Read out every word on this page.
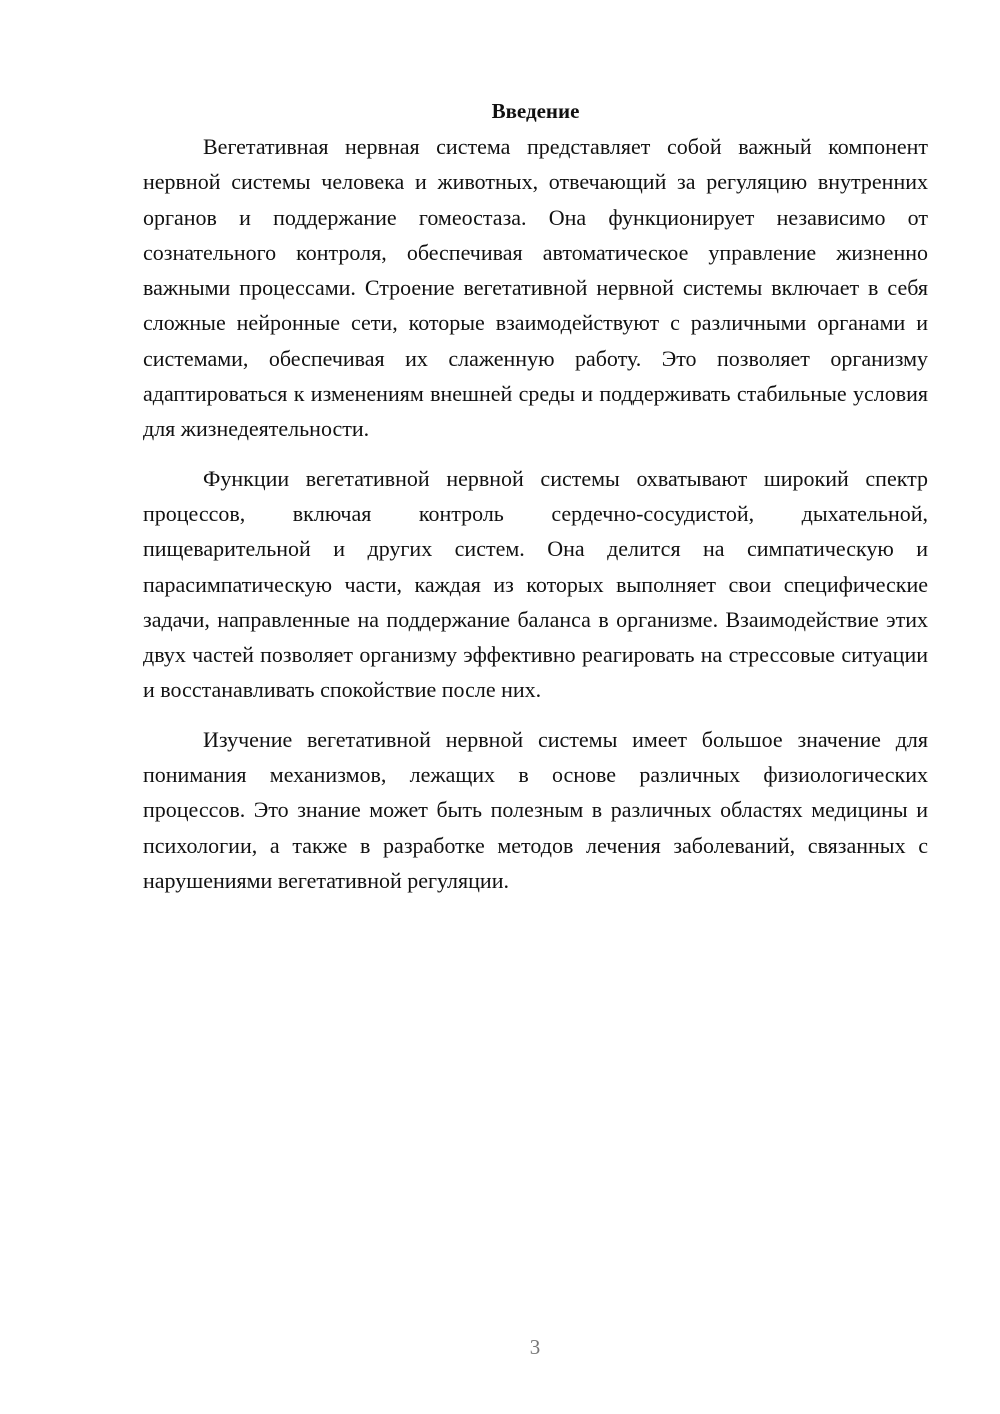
Введение

Вегетативная нервная система представляет собой важный компонент нервной системы человека и животных, отвечающий за регуляцию внутренних органов и поддержание гомеостаза. Она функционирует независимо от сознательного контроля, обеспечивая автоматическое управление жизненно важными процессами. Строение вегетативной нервной системы включает в себя сложные нейронные сети, которые взаимодействуют с различными органами и системами, обеспечивая их слаженную работу. Это позволяет организму адаптироваться к изменениям внешней среды и поддерживать стабильные условия для жизнедеятельности.

Функции вегетативной нервной системы охватывают широкий спектр процессов, включая контроль сердечно-сосудистой, дыхательной, пищеварительной и других систем. Она делится на симпатическую и парасимпатическую части, каждая из которых выполняет свои специфические задачи, направленные на поддержание баланса в организме. Взаимодействие этих двух частей позволяет организму эффективно реагировать на стрессовые ситуации и восстанавливать спокойствие после них.

Изучение вегетативной нервной системы имеет большое значение для понимания механизмов, лежащих в основе различных физиологических процессов. Это знание может быть полезным в различных областях медицины и психологии, а также в разработке методов лечения заболеваний, связанных с нарушениями вегетативной регуляции.

3
